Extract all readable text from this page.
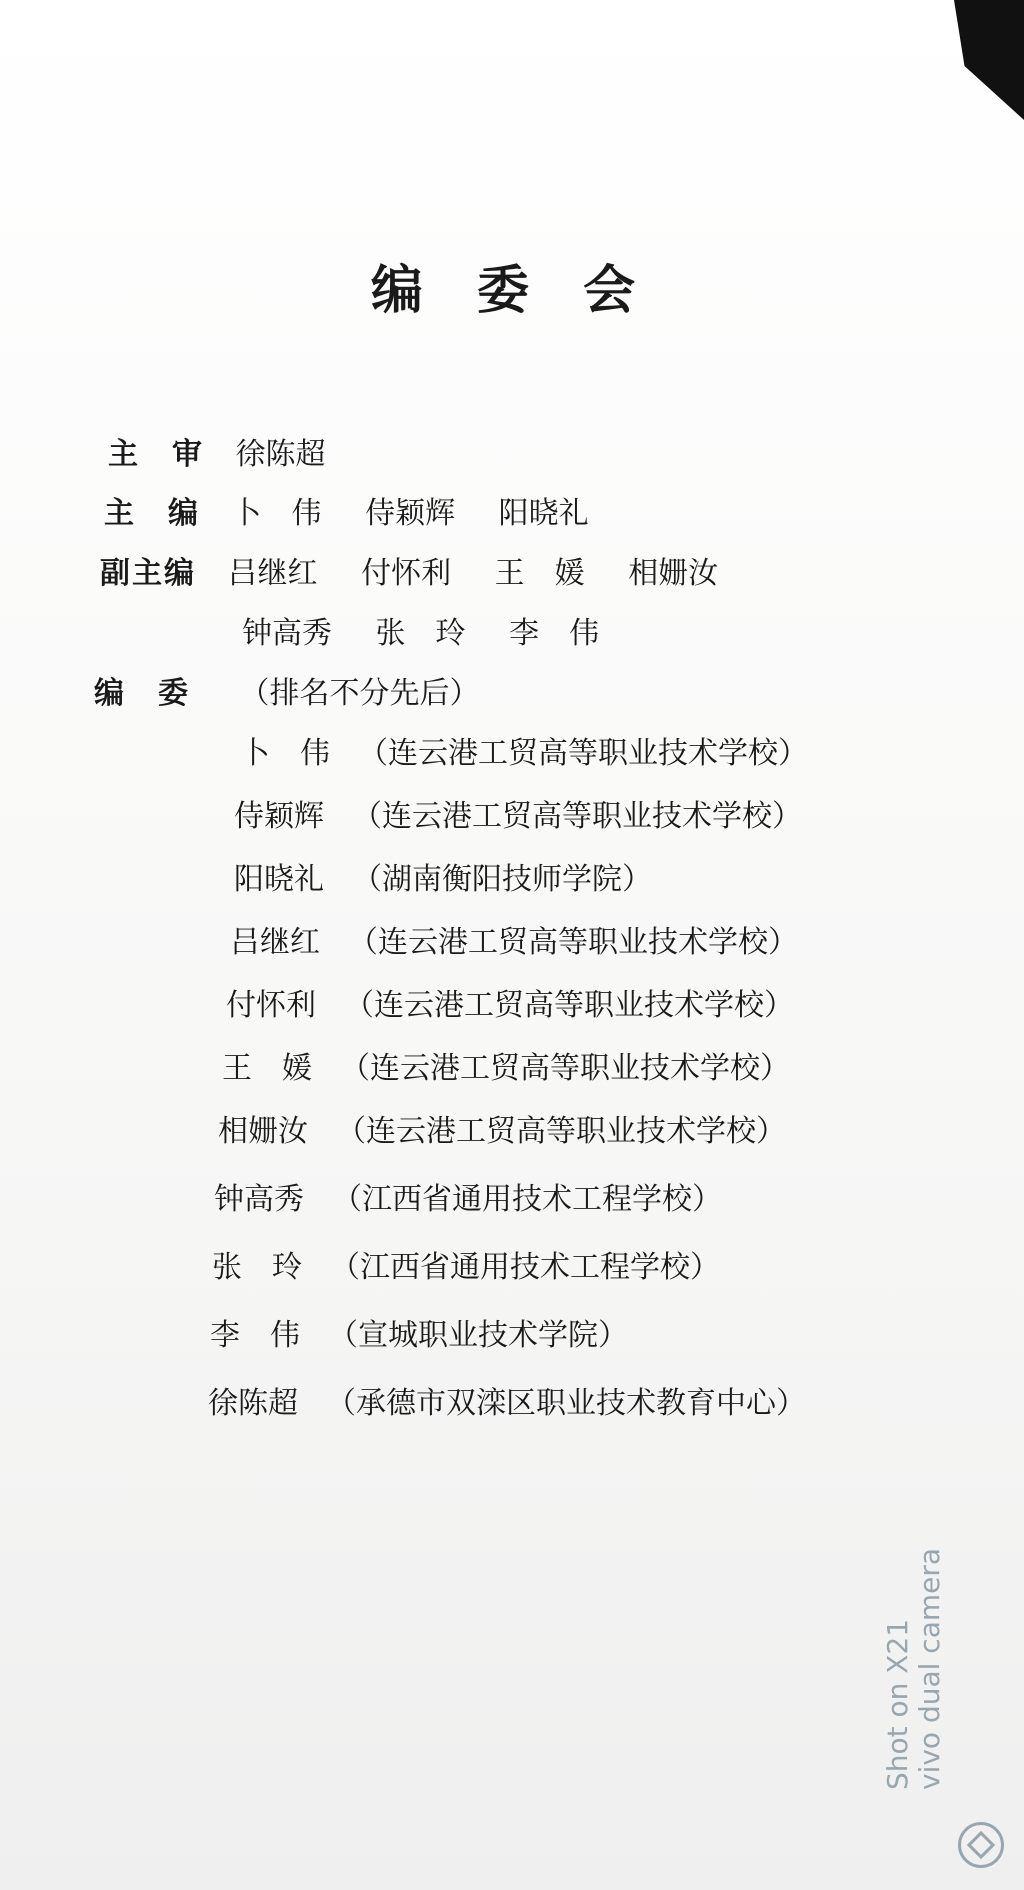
编 委 会
主　审 徐陈超
主　编 卜　伟 侍颖辉 阳晓礼
副主编 吕继红 付怀利 王　媛 相姗汝
钟高秀 张　玲 李　伟
编　委 （排名不分先后）
卜　伟 （连云港工贸高等职业技术学校）
侍颖辉 （连云港工贸高等职业技术学校）
阳晓礼 （湖南衡阳技师学院）
吕继红 （连云港工贸高等职业技术学校）
付怀利 （连云港工贸高等职业技术学校）
王　媛 （连云港工贸高等职业技术学校）
相姗汝 （连云港工贸高等职业技术学校）
钟高秀 （江西省通用技术工程学校）
张　玲 （江西省通用技术工程学校）
李　伟 （宣城职业技术学院）
徐陈超 （承德市双滦区职业技术教育中心）
Shot on X21 vivo dual camera
